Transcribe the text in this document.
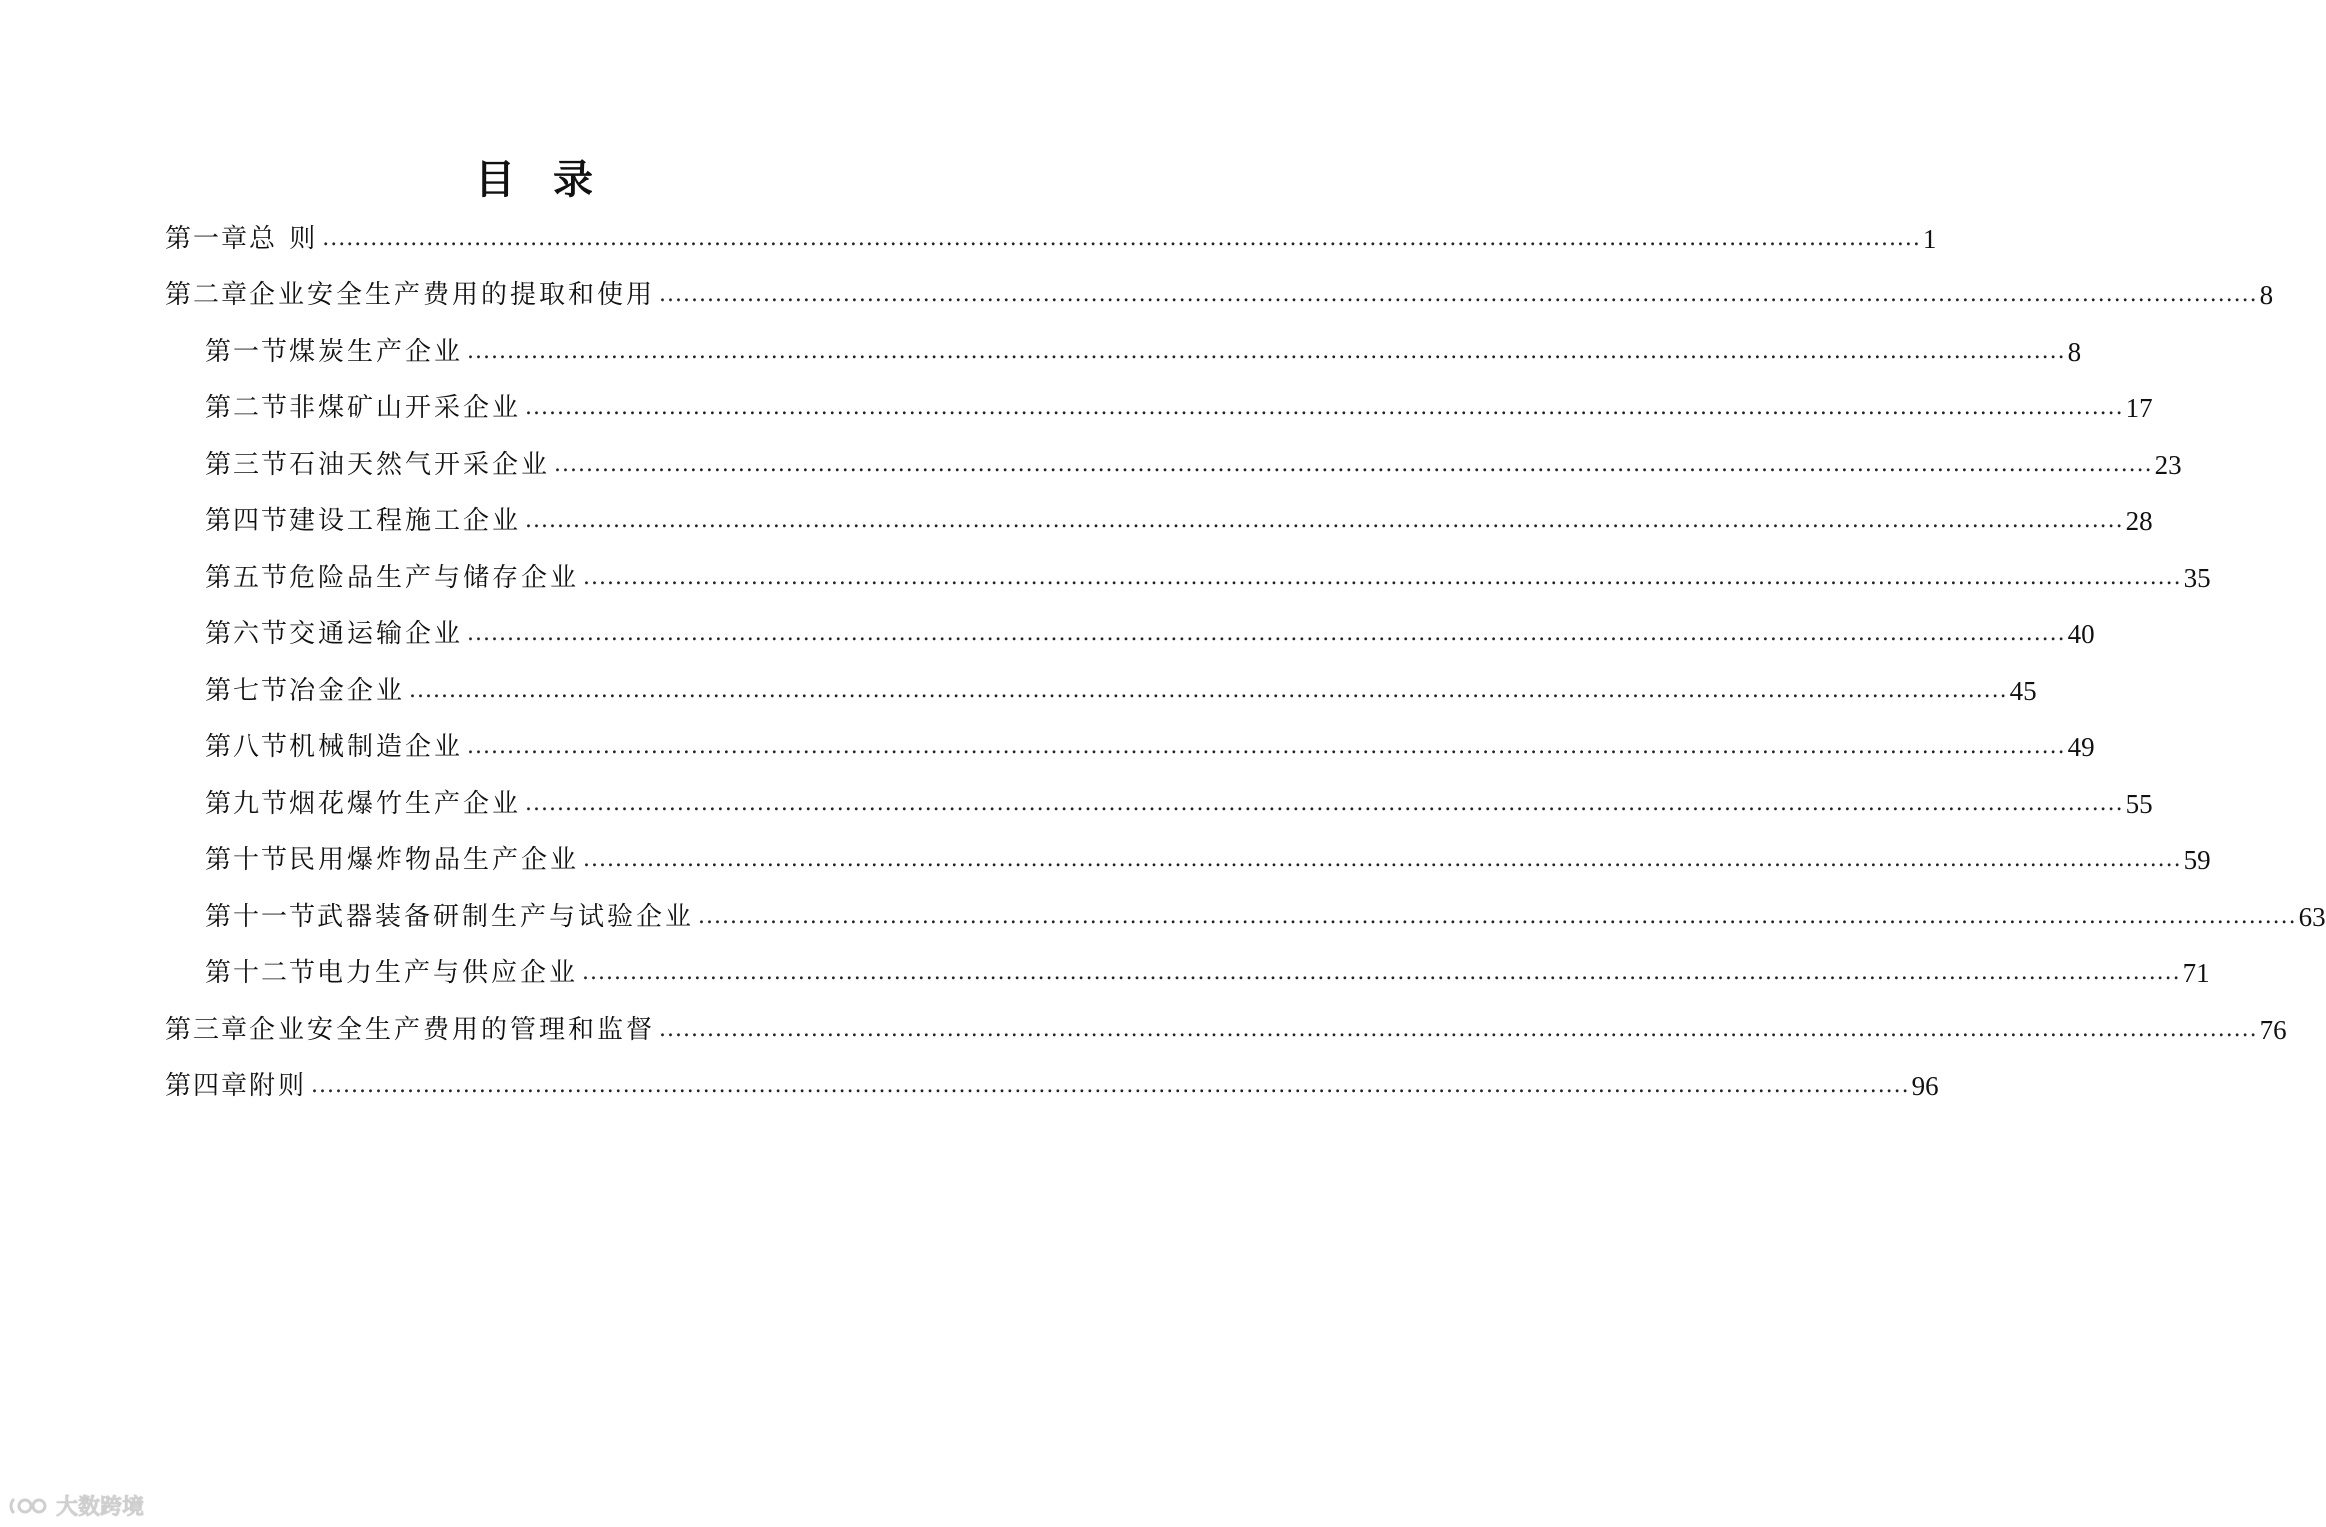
目 录
第一章 总 则 ........................................................................................................................................................................................................ 1
第二章 企业安全生产费用的提取和使用 ........................................................................................................................................................................................................ 8
第一节 煤炭生产企业 ........................................................................................................................................................................................................ 8
第二节 非煤矿山开采企业 ........................................................................................................................................................................................................ 17
第三节 石油天然气开采企业 ........................................................................................................................................................................................................ 23
第四节 建设工程施工企业 ........................................................................................................................................................................................................ 28
第五节 危险品生产与储存企业 ........................................................................................................................................................................................................ 35
第六节 交通运输企业 ........................................................................................................................................................................................................ 40
第七节 冶金企业 ........................................................................................................................................................................................................ 45
第八节 机械制造企业 ........................................................................................................................................................................................................ 49
第九节 烟花爆竹生产企业 ........................................................................................................................................................................................................ 55
第十节 民用爆炸物品生产企业 ........................................................................................................................................................................................................ 59
第十一节 武器装备研制生产与试验企业 ........................................................................................................................................................................................................ 63
第十二节 电力生产与供应企业 ........................................................................................................................................................................................................ 71
第三章 企业安全生产费用的管理和监督 ........................................................................................................................................................................................................ 76
第四章 附则 ........................................................................................................................................................................................................ 96
大数跨境
